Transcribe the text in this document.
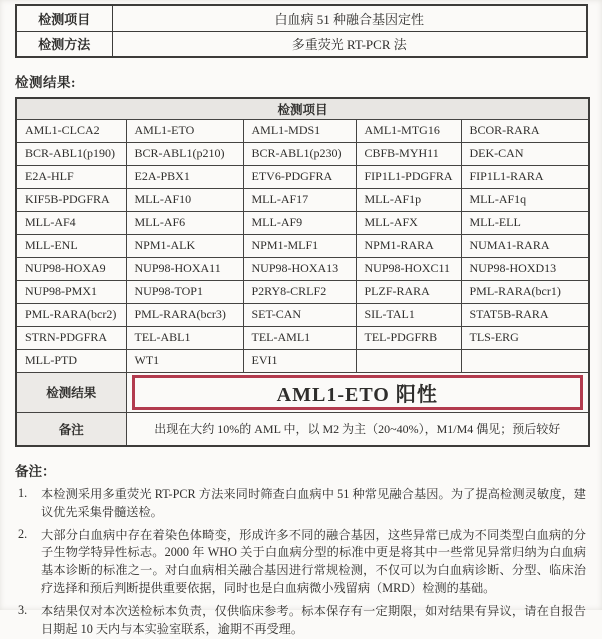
检测项目	白血病 51 种融合基因定性
检测方法	多重荧光 RT-PCR 法
检测结果:
检测项目				
AML1-CLCA2	AML1-ETO	AML1-MDS1	AML1-MTG16	BCOR-RARA
BCR-ABL1(p190)	BCR-ABL1(p210)	BCR-ABL1(p230)	CBFB-MYH11	DEK-CAN
E2A-HLF	E2A-PBX1	ETV6-PDGFRA	FIP1L1-PDGFRA	FIP1L1-RARA
KIF5B-PDGFRA	MLL-AF10	MLL-AF17	MLL-AF1p	MLL-AF1q
MLL-AF4	MLL-AF6	MLL-AF9	MLL-AFX	MLL-ELL
MLL-ENL	NPM1-ALK	NPM1-MLF1	NPM1-RARA	NUMA1-RARA
NUP98-HOXA9	NUP98-HOXA11	NUP98-HOXA13	NUP98-HOXC11	NUP98-HOXD13
NUP98-PMX1	NUP98-TOP1	P2RY8-CRLF2	PLZF-RARA	PML-RARA(bcr1)
PML-RARA(bcr2)	PML-RARA(bcr3)	SET-CAN	SIL-TAL1	STAT5B-RARA
STRN-PDGFRA	TEL-ABL1	TEL-AML1	TEL-PDGFRB	TLS-ERG
MLL-PTD	WT1	EVI1		
检测结果	AML1-ETO 阳性			

备注	出现在大约 10%的 AML 中，以 M2 为主（20~40%），M1/M4 偶见；预后较好			
备注：
1.	本检测采用多重荧光 RT-PCR 方法来同时筛查白血病中 51 种常见融合基因。为了提高检测灵敏度，建议优先采集骨髓送检。
2.	大部分白血病中存在着染色体畸变，形成许多不同的融合基因，这些异常已成为不同类型白血病的分子生物学特异性标志。2000 年 WHO 关于白血病分型的标准中更是将其中一些常见异常归纳为白血病基本诊断的标准之一。对白血病相关融合基因进行常规检测，不仅可以为白血病诊断、分型、临床治疗选择和预后判断提供重要依据，同时也是白血病微小残留病（MRD）检测的基础。
3.	本结果仅对本次送检标本负责，仅供临床参考。标本保存有一定期限，如对结果有异议，请在自报告日期起 10 天内与本实验室联系，逾期不再受理。
